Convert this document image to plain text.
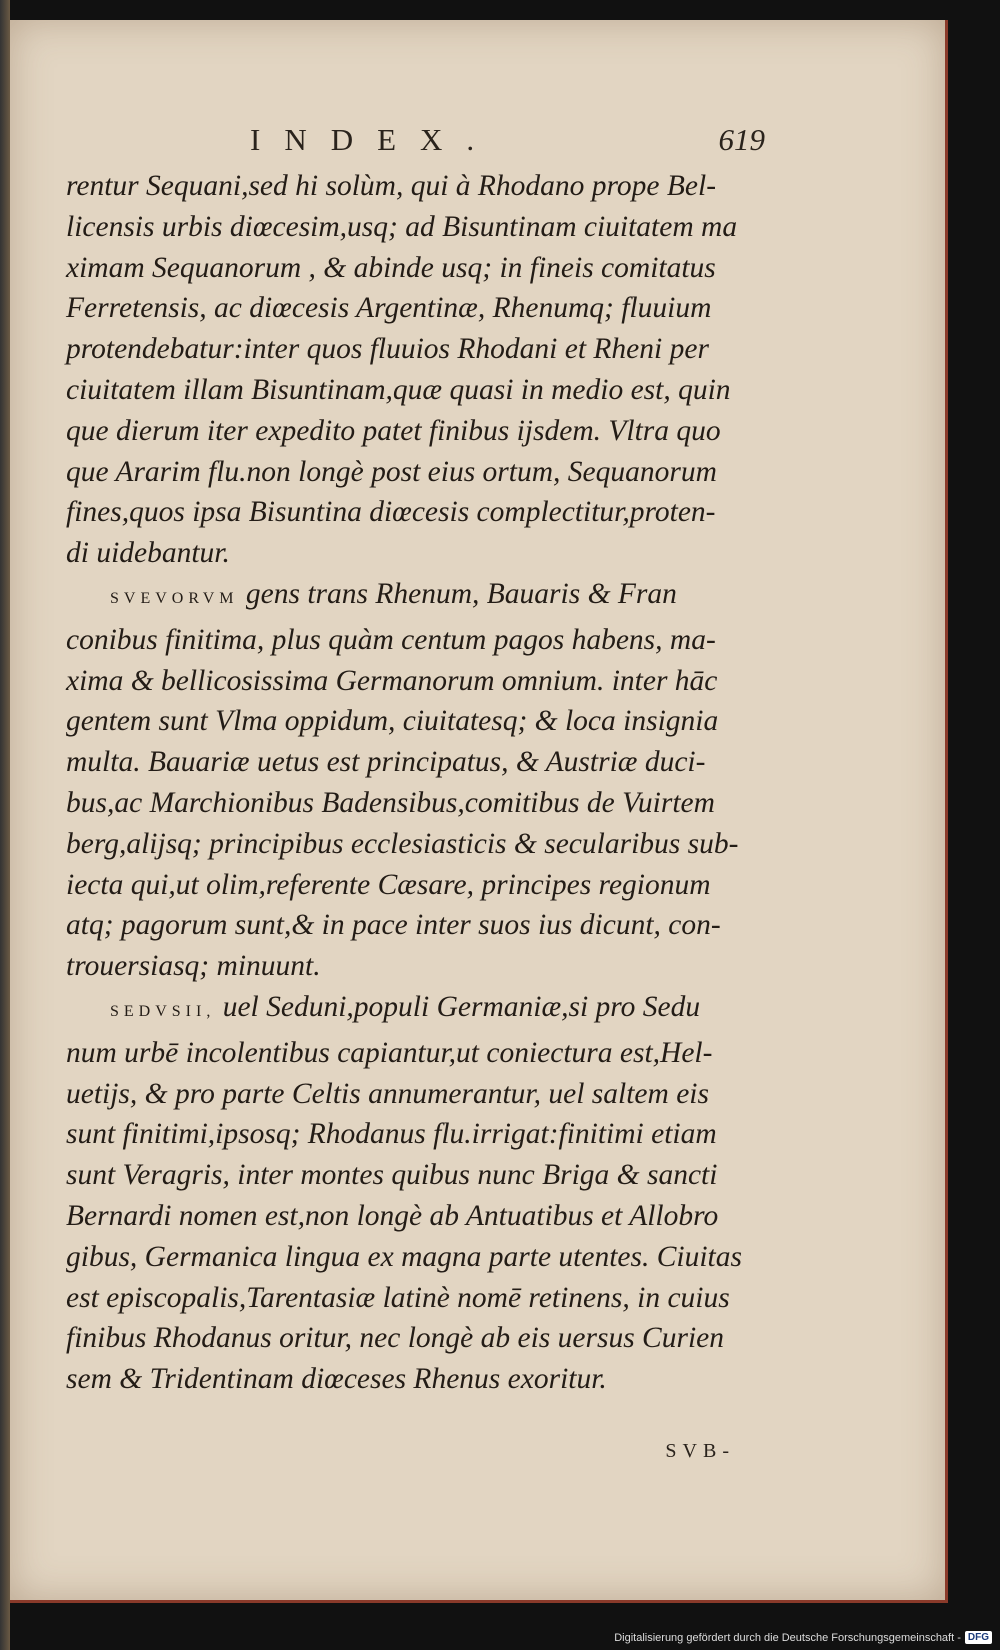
INDEX.	619
rentur Sequani,sed hi solùm, qui à Rhodano prope Bel-
licensis urbis diœcesim,usq; ad Bisuntinam ciuitatem ma
ximam Sequanorum , & abinde usq; in fineis comitatus
Ferretensis, ac diœcesis Argentinæ, Rhenumq; fluuium
protendebatur:inter quos fluuios Rhodani et Rheni per
ciuitatem illam Bisuntinam,quæ quasi in medio est, quin
que dierum iter expedito patet finibus ijsdem. Vltra quo
que Ararim flu.non longè post eius ortum, Sequanorum
fines,quos ipsa Bisuntina diœcesis complectitur,proten-
di uidebantur.
SVEVORVM gens trans Rhenum, Bauaris & Fran
conibus finitima, plus quàm centum pagos habens, ma-
xima & bellicosissima Germanorum omnium. inter hāc
gentem sunt Vlma oppidum, ciuitatesq; & loca insignia
multa. Bauariæ uetus est principatus, & Austriæ duci-
bus,ac Marchionibus Badensibus,comitibus de Vuirtem
berg,alijsq; principibus ecclesiasticis & secularibus sub-
iecta qui,ut olim,referente Cæsare, principes regionum
atq; pagorum sunt,& in pace inter suos ius dicunt, con-
trouersiasq; minuunt.
SEDVSII, uel Seduni,populi Germaniæ,si pro Sedu
num urbē incolentibus capiantur,ut coniectura est,Hel-
uetijs, & pro parte Celtis annumerantur, uel saltem eis
sunt finitimi,ipsosq; Rhodanus flu.irrigat:finitimi etiam
sunt Veragris, inter montes quibus nunc Briga & sancti
Bernardi nomen est,non longè ab Antuatibus et Allobro
gibus, Germanica lingua ex magna parte utentes. Ciuitas
est episcopalis,Tarentasiæ latinè nomē retinens, in cuius
finibus Rhodanus oritur, nec longè ab eis uersus Curien
sem & Tridentinam diœceses Rhenus exoritur.
SVB-
Digitalisierung gefördert durch die Deutsche Forschungsgemeinschaft - DFG
